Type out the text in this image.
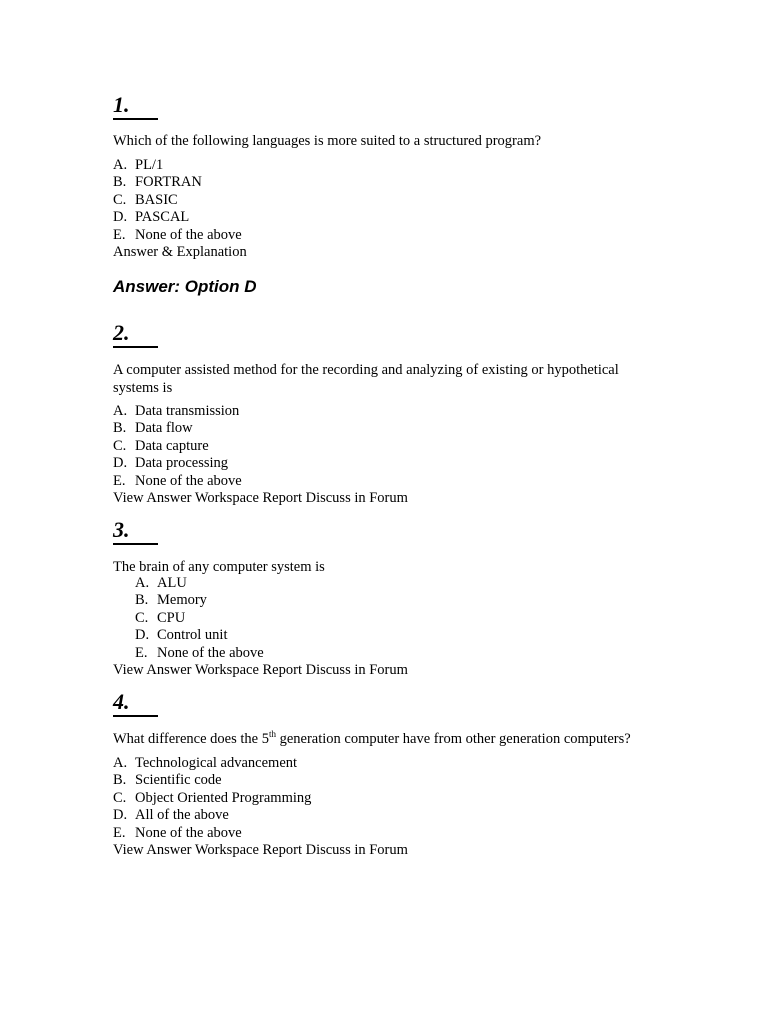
1.
Which of the following languages is more suited to a structured program?
A. PL/1
B. FORTRAN
C. BASIC
D. PASCAL
E. None of the above
Answer & Explanation
Answer: Option D
2.
A computer assisted method for the recording and analyzing of existing or hypothetical systems is
A. Data transmission
B. Data flow
C. Data capture
D. Data processing
E. None of the above
View Answer Workspace Report Discuss in Forum
3.
The brain of any computer system is
A. ALU
B. Memory
C. CPU
D. Control unit
E. None of the above
View Answer Workspace Report Discuss in Forum
4.
What difference does the 5th generation computer have from other generation computers?
A. Technological advancement
B. Scientific code
C. Object Oriented Programming
D. All of the above
E. None of the above
View Answer Workspace Report Discuss in Forum
